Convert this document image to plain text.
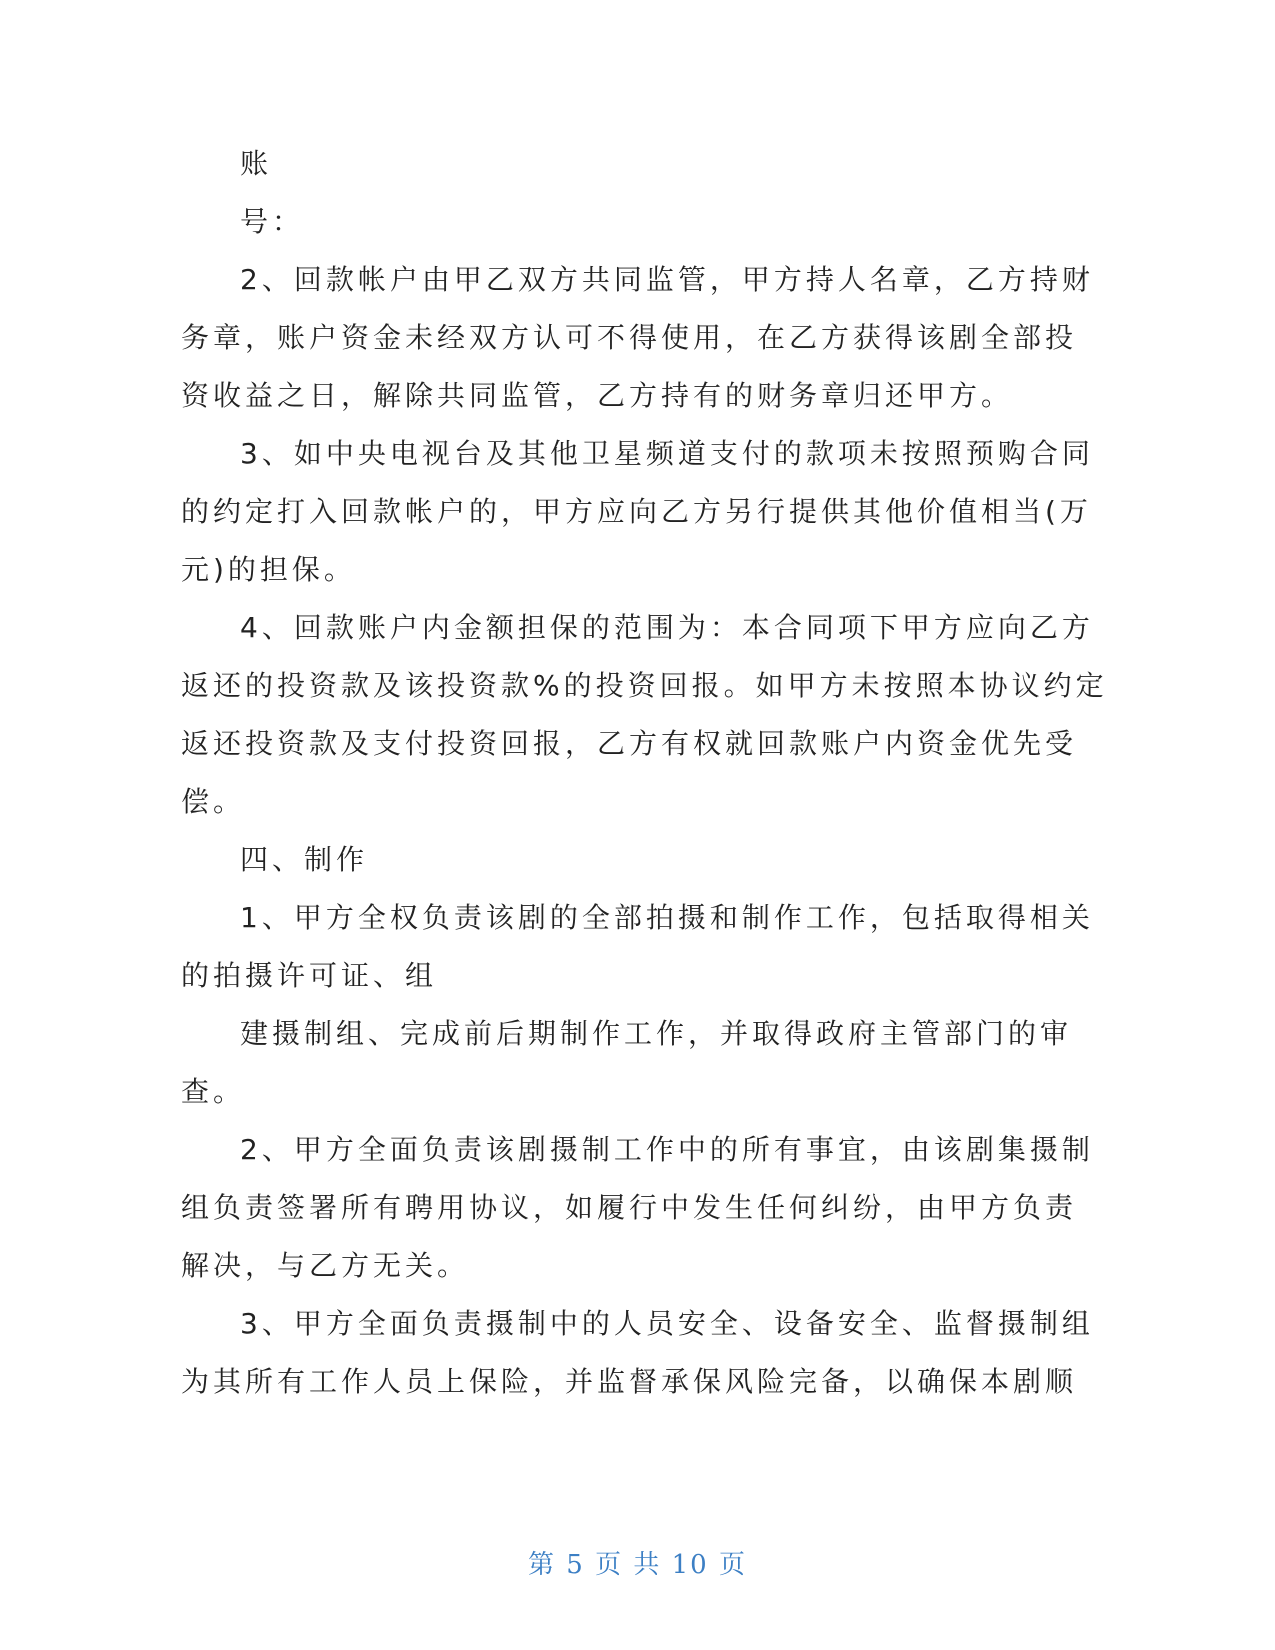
账
号：
2、回款帐户由甲乙双方共同监管，甲方持人名章，乙方持财
务章，账户资金未经双方认可不得使用，在乙方获得该剧全部投
资收益之日，解除共同监管，乙方持有的财务章归还甲方。
3、如中央电视台及其他卫星频道支付的款项未按照预购合同
的约定打入回款帐户的，甲方应向乙方另行提供其他价值相当(万
元)的担保。
4、回款账户内金额担保的范围为：本合同项下甲方应向乙方
返还的投资款及该投资款%的投资回报。如甲方未按照本协议约定
返还投资款及支付投资回报，乙方有权就回款账户内资金优先受
偿。
四、制作
1、甲方全权负责该剧的全部拍摄和制作工作，包括取得相关
的拍摄许可证、组
建摄制组、完成前后期制作工作，并取得政府主管部门的审
查。
2、甲方全面负责该剧摄制工作中的所有事宜，由该剧集摄制
组负责签署所有聘用协议，如履行中发生任何纠纷，由甲方负责
解决，与乙方无关。
3、甲方全面负责摄制中的人员安全、设备安全、监督摄制组
为其所有工作人员上保险，并监督承保风险完备，以确保本剧顺
第 5 页 共 10 页
